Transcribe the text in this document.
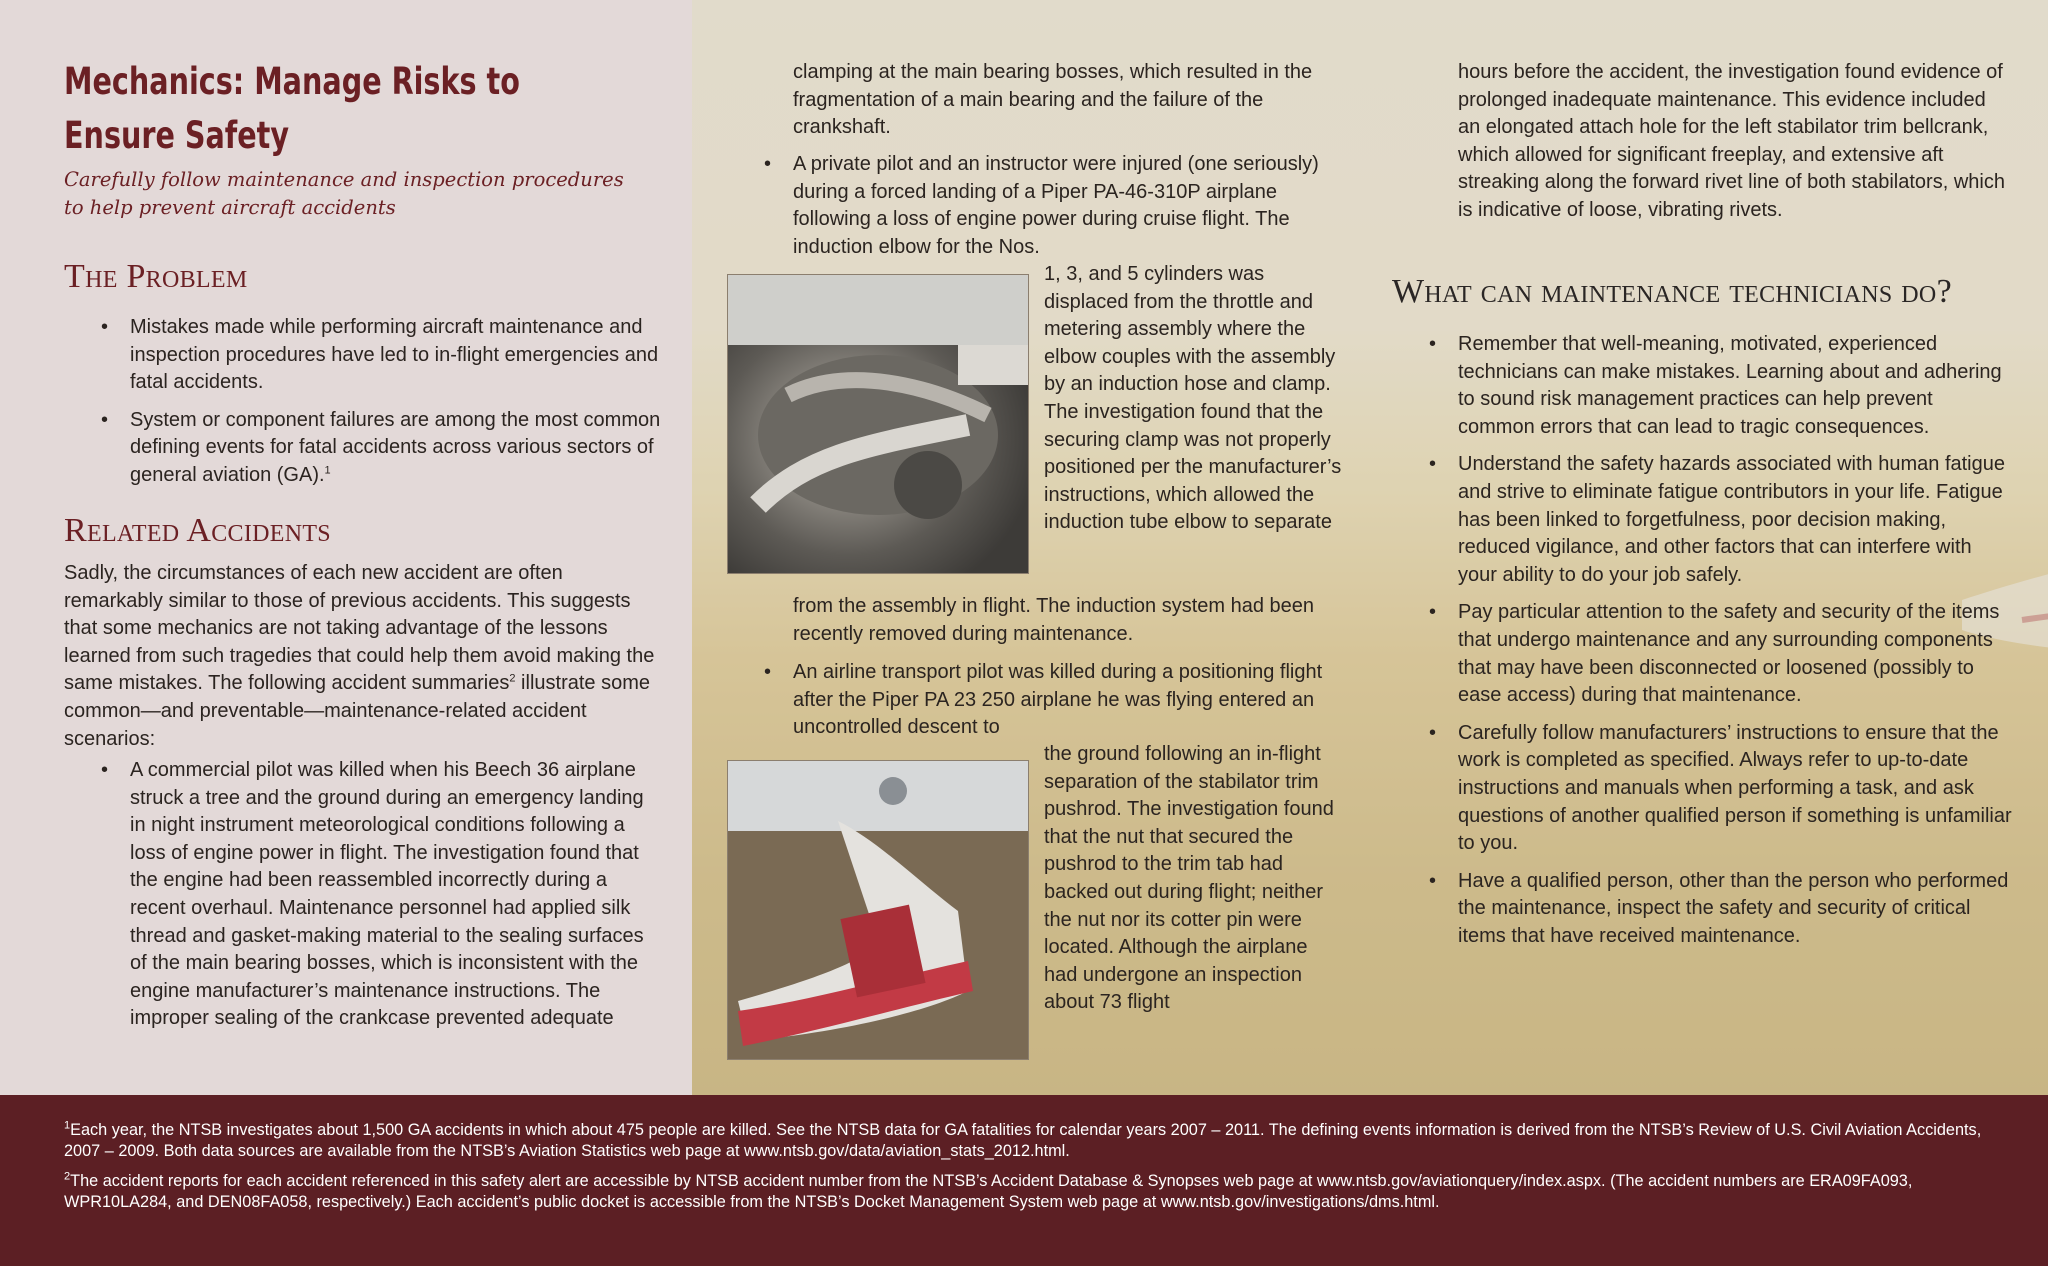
Mechanics: Manage Risks to Ensure Safety

Carefully follow maintenance and inspection procedures to help prevent aircraft accidents

The Problem
• Mistakes made while performing aircraft maintenance and inspection procedures have led to in-flight emergencies and fatal accidents.
• System or component failures are among the most common defining events for fatal accidents across various sectors of general aviation (GA).$^1$
Related Accidents

Sadly, the circumstances of each new accident are often remarkably similar to those of previous accidents. This suggests that some mechanics are not taking advantage of the lessons learned from such tragedies that could help them avoid making the same mistakes. The following accident summaries$^2$ illustrate some common—and preventable—maintenance-related accident scenarios:

• A commercial pilot was killed when his Beech 36 airplane struck a tree and the ground during an emergency landing in night instrument meteorological conditions following a loss of engine power in flight. The investigation found that the engine had been reassembled incorrectly during a recent overhaul. Maintenance personnel had applied silk thread and gasket-making material to the sealing surfaces of the main bearing bosses, which is inconsistent with the engine manufacturer’s maintenance instructions. The improper sealing of the crankcase prevented adequate

clamping at the main bearing bosses, which resulted in the fragmentation of a main bearing and the failure of the crankshaft.

• A private pilot and an instructor were injured (one seriously) during a forced landing of a Piper PA-46-310P airplane following a loss of engine power during cruise flight. The induction elbow for the Nos.

1, 3, and 5 cylinders was displaced from the throttle and metering assembly where the elbow couples with the assembly by an induction hose and clamp. The investigation found that the securing clamp was not properly positioned per the manufacturer’s instructions, which allowed the induction tube elbow to separate

from the assembly in flight. The induction system had been recently removed during maintenance.

• An airline transport pilot was killed during a positioning flight after the Piper PA 23 250 airplane he was flying entered an uncontrolled descent to

the ground following an in-flight separation of the stabilator trim pushrod. The investigation found that the nut that secured the pushrod to the trim tab had backed out during flight; neither the nut nor its cotter pin were located. Although the airplane had undergone an inspection about 73 flight

hours before the accident, the investigation found evidence of prolonged inadequate maintenance. This evidence included an elongated attach hole for the left stabilator trim bellcrank, which allowed for significant freeplay, and extensive aft streaking along the forward rivet line of both stabilators, which is indicative of loose, vibrating rivets.

What can maintenance technicians do?
• Remember that well-meaning, motivated, experienced technicians can make mistakes. Learning about and adhering to sound risk management practices can help prevent common errors that can lead to tragic consequences.
• Understand the safety hazards associated with human fatigue and strive to eliminate fatigue contributors in your life. Fatigue has been linked to forgetfulness, poor decision making, reduced vigilance, and other factors that can interfere with your ability to do your job safely.
• Pay particular attention to the safety and security of the items that undergo maintenance and any surrounding components that may have been disconnected or loosened (possibly to ease access) during that maintenance.
• Carefully follow manufacturers’ instructions to ensure that the work is completed as specified. Always refer to up-to-date instructions and manuals when performing a task, and ask questions of another qualified person if something is unfamiliar to you.
• Have a qualified person, other than the person who performed the maintenance, inspect the safety and security of critical items that have received maintenance.

$^1$Each year, the NTSB investigates about 1,500 GA accidents in which about 475 people are killed. See the NTSB data for GA fatalities for calendar years 2007 – 2011. The defining events information is derived from the NTSB’s Review of U.S. Civil Aviation Accidents, 2007 – 2009. Both data sources are available from the NTSB’s Aviation Statistics web page at www.ntsb.gov/data/aviation_stats_2012.html.

$^2$The accident reports for each accident referenced in this safety alert are accessible by NTSB accident number from the NTSB’s Accident Database & Synopses web page at www.ntsb.gov/aviationquery/index.aspx. (The accident numbers are ERA09FA093, WPR10LA284, and DEN08FA058, respectively.) Each accident’s public docket is accessible from the NTSB’s Docket Management System web page at www.ntsb.gov/investigations/dms.html.
